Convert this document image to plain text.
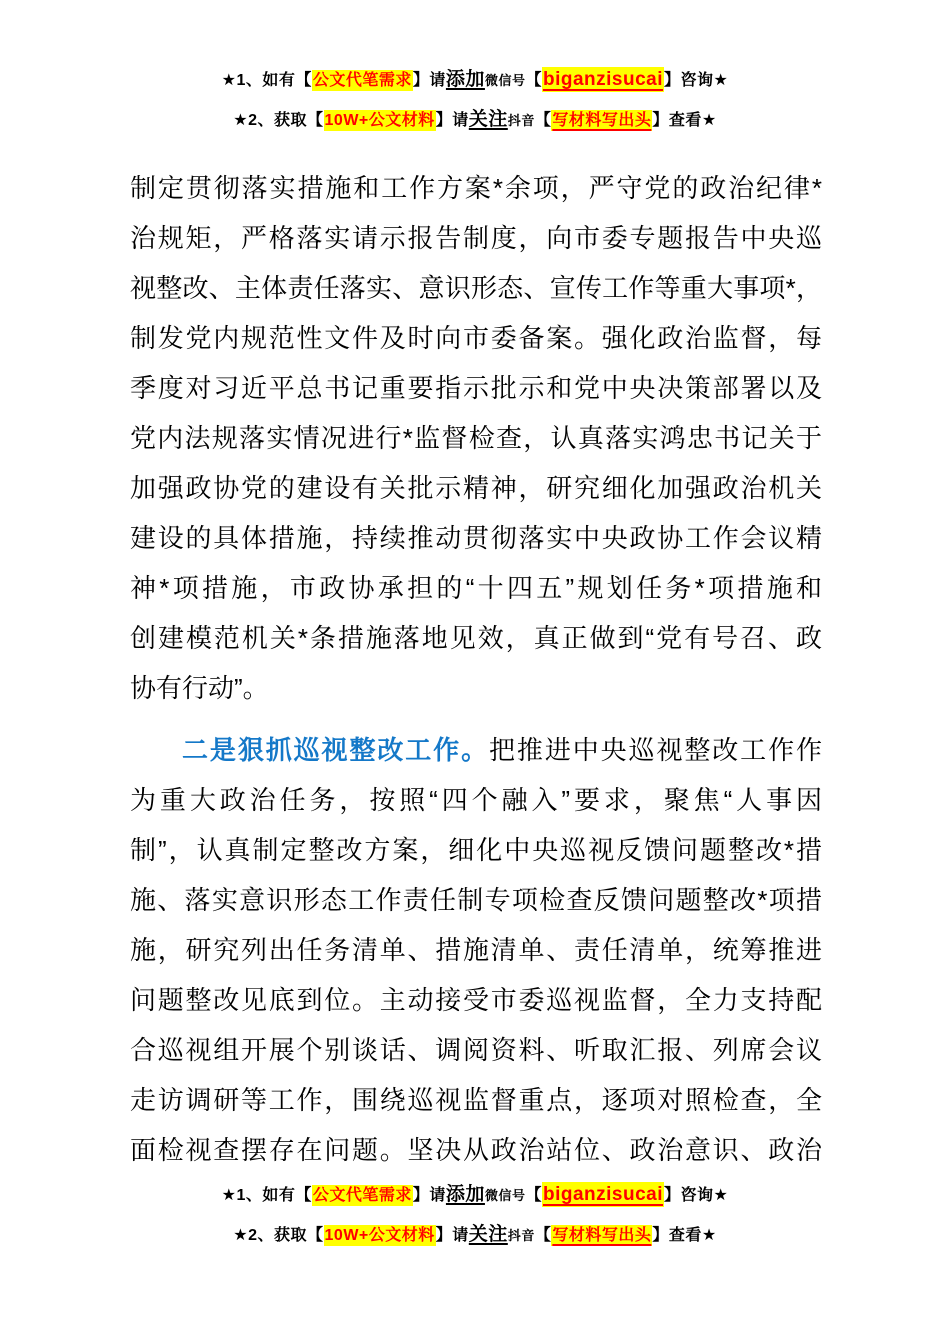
★1、如有【公文代笔需求】请添加微信号【biganzisucai】咨询★
★2、获取【10W+公文材料】请关注抖音【写材料写出头】查看★
制定贯彻落实措施和工作方案*余项，严守党的政治纪律*
治规矩，严格落实请示报告制度，向市委专题报告中央巡
视整改、主体责任落实、意识形态、宣传工作等重大事项*，
制发党内规范性文件及时向市委备案。强化政治监督，每
季度对习近平总书记重要指示批示和党中央决策部署以及
党内法规落实情况进行*监督检查，认真落实鸿忠书记关于
加强政协党的建设有关批示精神，研究细化加强政治机关
建设的具体措施，持续推动贯彻落实中央政协工作会议精
神*项措施，市政协承担的“十四五”规划任务*项措施和
创建模范机关*条措施落地见效，真正做到“党有号召、政
协有行动”。
二是狠抓巡视整改工作。把推进中央巡视整改工作作
为重大政治任务，按照“四个融入”要求，聚焦“人事因
制”，认真制定整改方案，细化中央巡视反馈问题整改*措
施、落实意识形态工作责任制专项检查反馈问题整改*项措
施，研究列出任务清单、措施清单、责任清单，统筹推进
问题整改见底到位。主动接受市委巡视监督，全力支持配
合巡视组开展个别谈话、调阅资料、听取汇报、列席会议
走访调研等工作，围绕巡视监督重点，逐项对照检查，全
面检视查摆存在问题。坚决从政治站位、政治意识、政治
★1、如有【公文代笔需求】请添加微信号【biganzisucai】咨询★
★2、获取【10W+公文材料】请关注抖音【写材料写出头】查看★
